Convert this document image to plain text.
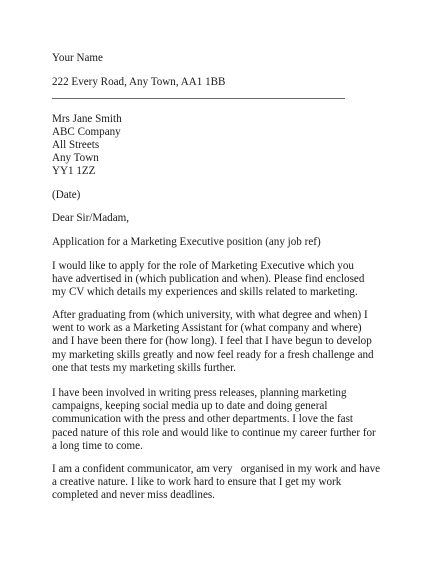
Your Name
222 Every Road, Any Town, AA1 1BB
Mrs Jane Smith
ABC Company
All Streets
Any Town
YY1 1ZZ
(Date)
Dear Sir/Madam,
Application for a Marketing Executive position (any job ref)
I would like to apply for the role of Marketing Executive which you
have advertised in (which publication and when). Please find enclosed
my CV which details my experiences and skills related to marketing.
After graduating from (which university, with what degree and when) I
went to work as a Marketing Assistant for (what company and where)
and I have been there for (how long). I feel that I have begun to develop
my marketing skills greatly and now feel ready for a fresh challenge and
one that tests my marketing skills further.
I have been involved in writing press releases, planning marketing
campaigns, keeping social media up to date and doing general
communication with the press and other departments. I love the fast
paced nature of this role and would like to continue my career further for
a long time to come.
I am a confident communicator, am very   organised in my work and have
a creative nature. I like to work hard to ensure that I get my work
completed and never miss deadlines.
